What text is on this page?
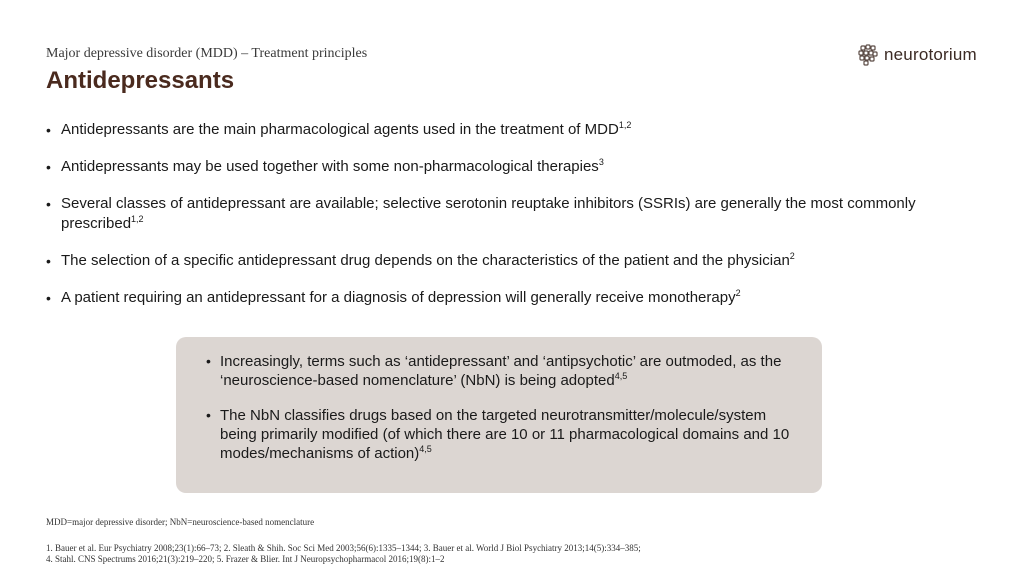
Major depressive disorder (MDD) – Treatment principles
Antidepressants
neurotorium
• Antidepressants are the main pharmacological agents used in the treatment of MDD$^{1,2}$
• Antidepressants may be used together with some non-pharmacological therapies$^3$
• Several classes of antidepressant are available; selective serotonin reuptake inhibitors (SSRIs) are generally the most commonly prescribed$^{1,2}$
• The selection of a specific antidepressant drug depends on the characteristics of the patient and the physician$^2$
• A patient requiring an antidepressant for a diagnosis of depression will generally receive monotherapy$^2$
• Increasingly, terms such as ‘antidepressant’ and ‘antipsychotic’ are outmoded, as the ‘neuroscience-based nomenclature’ (NbN) is being adopted$^{4,5}$
• The NbN classifies drugs based on the targeted neurotransmitter/molecule/system being primarily modified (of which there are 10 or 11 pharmacological domains and 10 modes/mechanisms of action)$^{4,5}$
MDD=major depressive disorder; NbN=neuroscience-based nomenclature
1. Bauer et al. Eur Psychiatry 2008;23(1):66–73; 2. Sleath & Shih. Soc Sci Med 2003;56(6):1335–1344; 3. Bauer et al. World J Biol Psychiatry 2013;14(5):334–385;
4. Stahl. CNS Spectrums 2016;21(3):219–220; 5. Frazer & Blier. Int J Neuropsychopharmacol 2016;19(8):1–2
